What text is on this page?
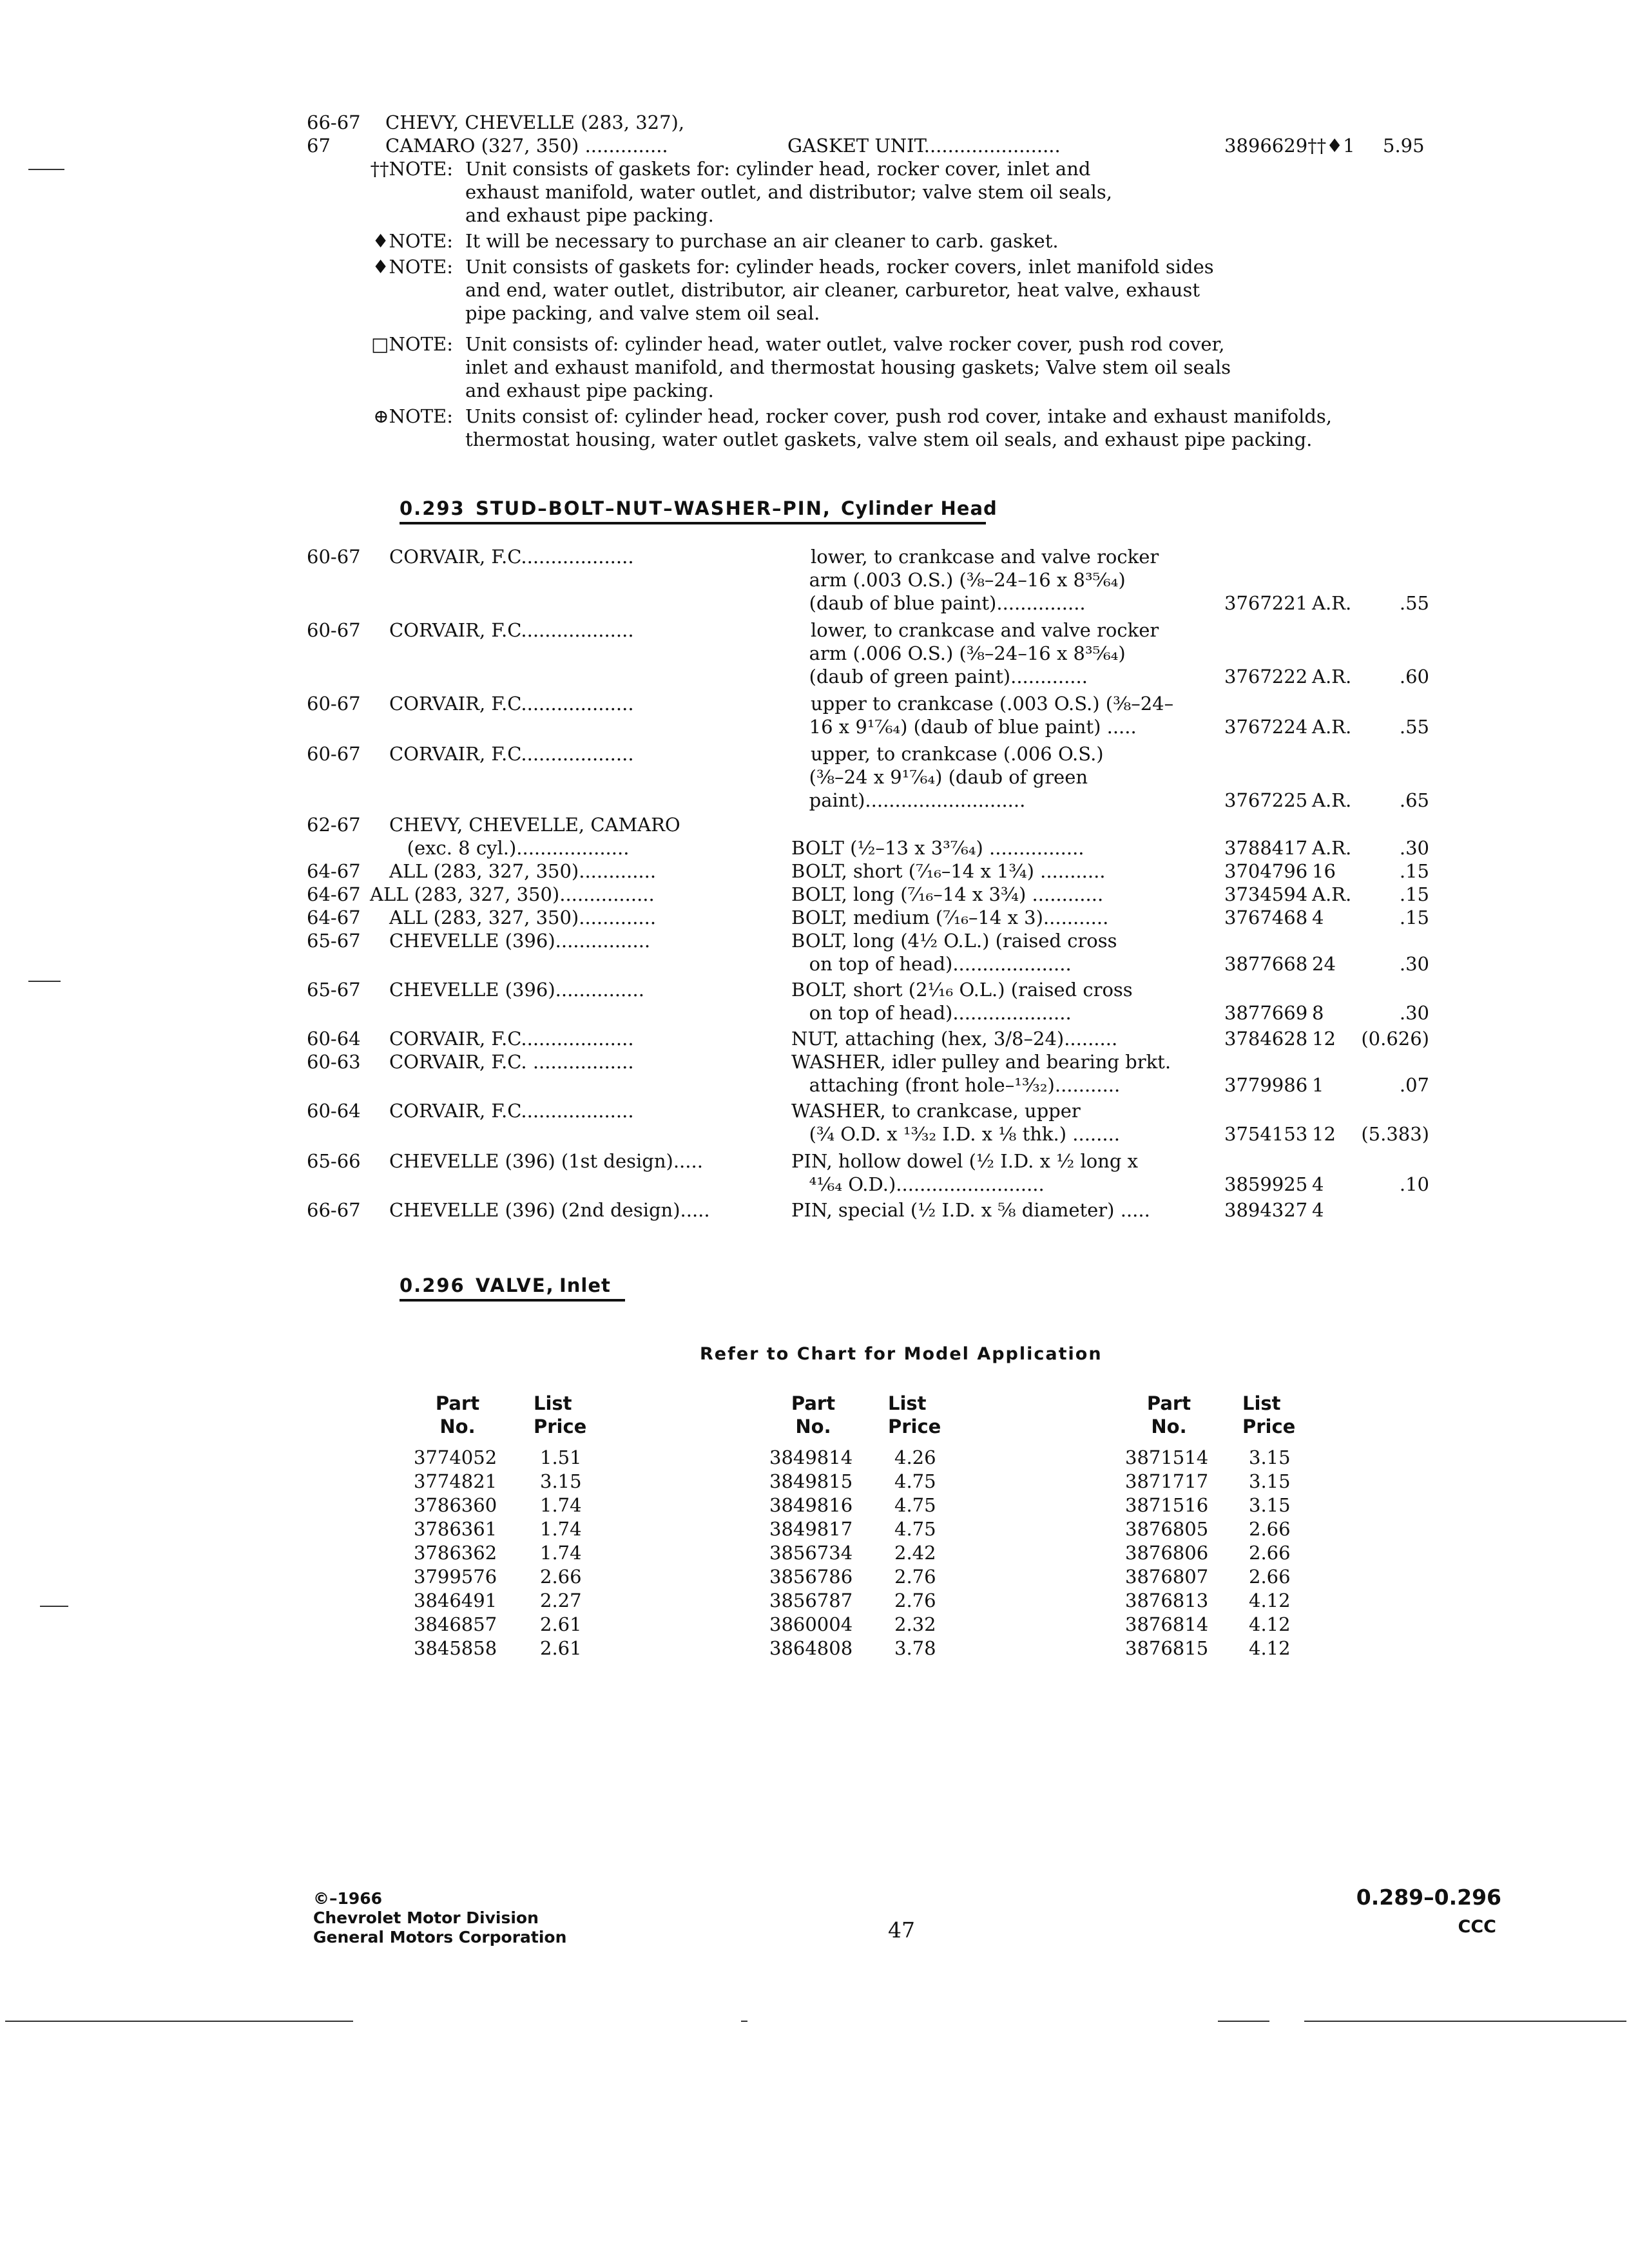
66-67 CHEVY, CHEVELLE (283, 327),
67	CAMARO (327, 350) ..............	GASKET UNIT.......................	3896629††♦1 5.95
††NOTE: Unit consists of gaskets for: cylinder head, rocker cover, inlet and
exhaust manifold, water outlet, and distributor; valve stem oil seals,
and exhaust pipe packing.
♦NOTE: It will be necessary to purchase an air cleaner to carb. gasket.
♦NOTE: Unit consists of gaskets for: cylinder heads, rocker covers, inlet manifold sides
and end, water outlet, distributor, air cleaner, carburetor, heat valve, exhaust
pipe packing, and valve stem oil seal.
□NOTE: Unit consists of: cylinder head, water outlet, valve rocker cover, push rod cover,
inlet and exhaust manifold, and thermostat housing gaskets; Valve stem oil seals
and exhaust pipe packing.
⊕NOTE: Units consist of: cylinder head, rocker cover, push rod cover, intake and exhaust manifolds,
thermostat housing, water outlet gaskets, valve stem oil seals, and exhaust pipe packing.
0.293 STUD–BOLT–NUT–WASHER–PIN, Cylinder Head
60-67 CORVAIR, F.C...................	lower, to crankcase and valve rocker
arm (.003 O.S.) (⅜–24–16 x 8³⁵⁄₆₄)
(daub of blue paint)...............	3767221 A.R.	.55
60-67 CORVAIR, F.C...................	lower, to crankcase and valve rocker
arm (.006 O.S.) (⅜–24–16 x 8³⁵⁄₆₄)
(daub of green paint).............	3767222 A.R.	.60
60-67 CORVAIR, F.C...................	upper to crankcase (.003 O.S.) (⅜–24–
16 x 9¹⁷⁄₆₄) (daub of blue paint) .....	3767224 A.R.	.55
60-67 CORVAIR, F.C...................	upper, to crankcase (.006 O.S.)
(⅜–24 x 9¹⁷⁄₆₄) (daub of green
paint)...........................	3767225 A.R.	.65
62-67 CHEVY, CHEVELLE, CAMARO
(exc. 8 cyl.)...................	BOLT (½–13 x 3³⁷⁄₆₄) ................	3788417 A.R.	.30
64-67 ALL (283, 327, 350).............	BOLT, short (⁷⁄₁₆–14 x 1¾) ...........	3704796 16	.15
64-67 ALL (283, 327, 350)................	BOLT, long (⁷⁄₁₆–14 x 3¾) ............	3734594 A.R.	.15
64-67 ALL (283, 327, 350).............	BOLT, medium (⁷⁄₁₆–14 x 3)...........	3767468 4	.15
65-67 CHEVELLE (396)................	BOLT, long (4½ O.L.) (raised cross
on top of head)....................	3877668 24	.30
65-67 CHEVELLE (396)...............	BOLT, short (2¹⁄₁₆ O.L.) (raised cross
on top of head)....................	3877669 8	.30
60-64 CORVAIR, F.C...................	NUT, attaching (hex, 3/8–24).........	3784628 12 (0.626)
60-63 CORVAIR, F.C. .................	WASHER, idler pulley and bearing brkt.
attaching (front hole–¹³⁄₃₂)...........	3779986 1	.07
60-64 CORVAIR, F.C...................	WASHER, to crankcase, upper
(¾ O.D. x ¹³⁄₃₂ I.D. x ⅛ thk.) ........	3754153 12 (5.383)
65-66 CHEVELLE (396) (1st design).....	PIN, hollow dowel (½ I.D. x ½ long x
⁴¹⁄₆₄ O.D.).........................	3859925 4	.10
66-67 CHEVELLE (396) (2nd design).....	PIN, special (½ I.D. x ⅝ diameter) .....	3894327 4
0.296 VALVE, Inlet
Refer to Chart for Model Application
Part	List
No.	Price
3774052 1.51
3774821 3.15
3786360 1.74
3786361 1.74
3786362 1.74
3799576 2.66
3846491 2.27
3846857 2.61
3845858 2.61
Part	List
No.	Price
3849814 4.26
3849815 4.75
3849816 4.75
3849817 4.75
3856734 2.42
3856786 2.76
3856787 2.76
3860004 2.32
3864808 3.78
Part	List
No.	Price
3871514 3.15
3871717 3.15
3871516 3.15
3876805 2.66
3876806 2.66
3876807 2.66
3876813 4.12
3876814 4.12
3876815 4.12
©–1966
Chevrolet Motor Division
General Motors Corporation	47
0.289–0.296
CCC
